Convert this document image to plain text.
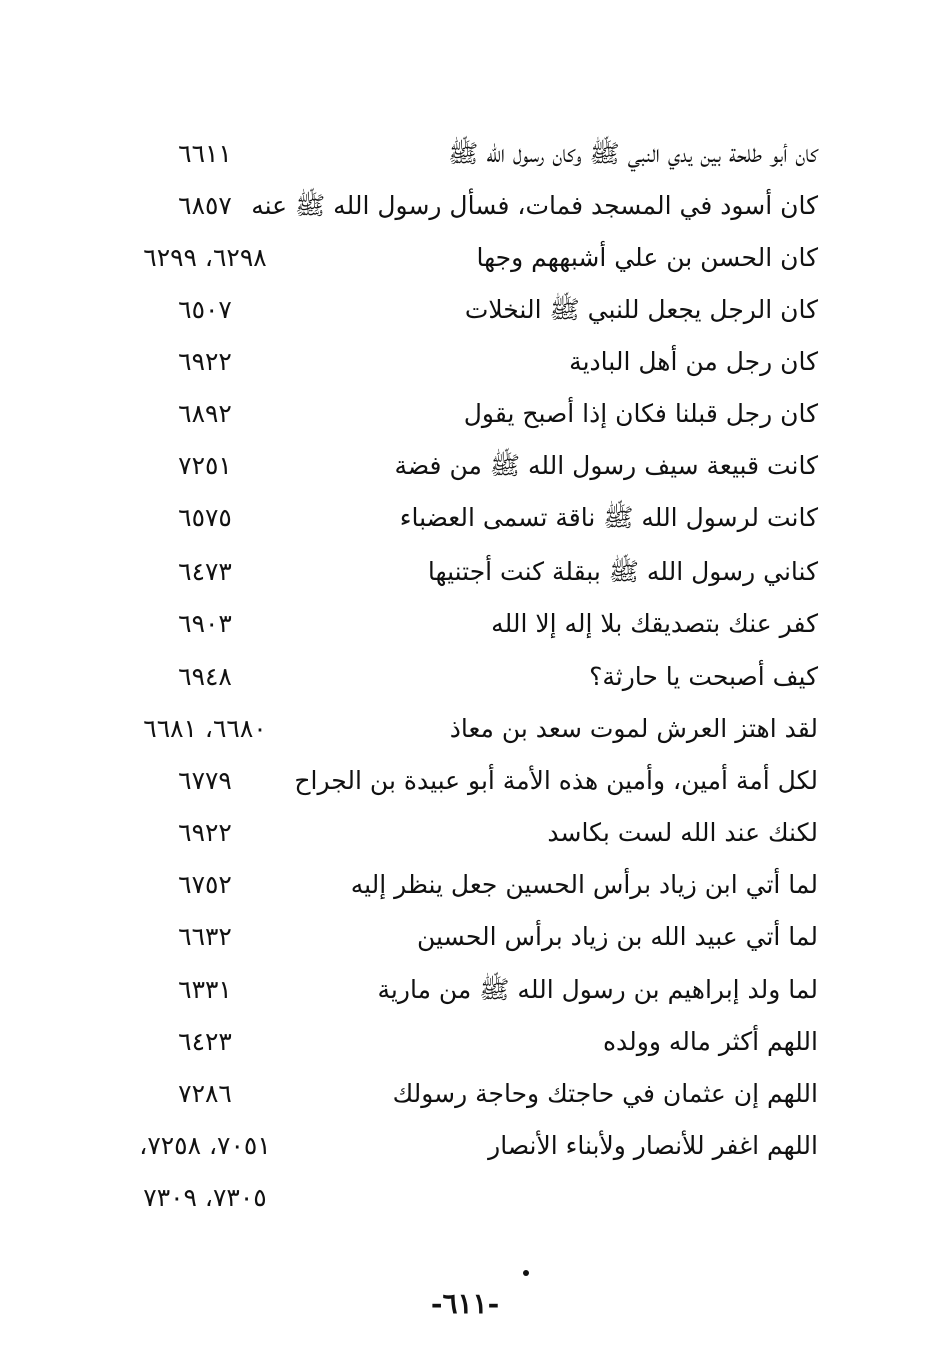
كان أبو طلحة بين يدي النبي ﷺ وكان رسول الله ﷺ
٦٦١١
كان أسود في المسجد فمات، فسأل رسول الله ﷺ عنه
٦٨٥٧
كان الحسن بن علي أشبههم وجها
٦٢٩٨، ٦٢٩٩
كان الرجل يجعل للنبي ﷺ النخلات
٦٥٠٧
كان رجل من أهل البادية
٦٩٢٢
كان رجل قبلنا فكان إذا أصبح يقول
٦٨٩٢
كانت قبيعة سيف رسول الله ﷺ من فضة
٧٢٥١
كانت لرسول الله ﷺ ناقة تسمى العضباء
٦٥٧٥
كناني رسول الله ﷺ ببقلة كنت أجتنيها
٦٤٧٣
كفر عنك بتصديقك بلا إله إلا الله
٦٩٠٣
كيف أصبحت يا حارثة؟
٦٩٤٨
لقد اهتز العرش لموت سعد بن معاذ
٦٦٨٠، ٦٦٨١
لكل أمة أمين، وأمين هذه الأمة أبو عبيدة بن الجراح
٦٧٧٩
لكنك عند الله لست بكاسد
٦٩٢٢
لما أتي ابن زياد برأس الحسين جعل ينظر إليه
٦٧٥٢
لما أتي عبيد الله بن زياد برأس الحسين
٦٦٣٢
لما ولد إبراهيم بن رسول الله ﷺ من مارية
٦٣٣١
اللهم أكثر ماله وولده
٦٤٢٣
اللهم إن عثمان في حاجتك وحاجة رسولك
٧٢٨٦
اللهم اغفر للأنصار ولأبناء الأنصار
٧٠٥١، ٧٢٥٨،
٧٣٠٥، ٧٣٠٩
-٦١١-
